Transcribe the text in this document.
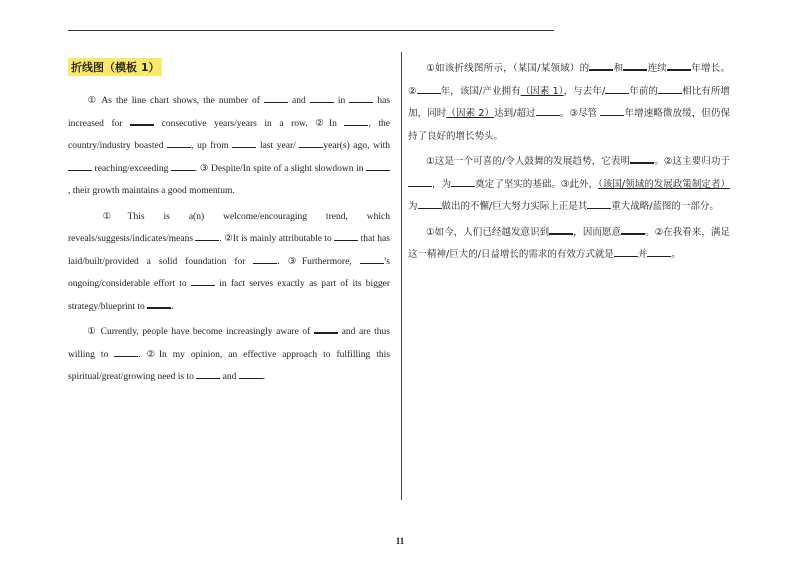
折线图（模板 1）

① As the line chart shows, the number of	and	in	has increased for	consecutive years/years in a row. ②In	, the country/industry boasted	, up from	last year/	year(s) ago, with  reaching/exceeding	. ③ Despite/In spite of a slight slowdown in , their growth maintains a good momentum.

①This is a(n) welcome/encouraging trend, which reveals/suggests/indicates/means	. ②It is mainly attributable to	that has laid/built/provided a solid foundation for	. ③Furthermore,	’s ongoing/considerable effort to	in fact serves exactly as part of its bigger strategy/blueprint to	.

① Currently, people have become increasingly aware of	and are thus willing to	. ②In my opinion, an effective approach to fulfilling this spiritual/great/growing need is to	and	.

①如该折线图所示，（某国/某领域）的	和	连续	年增长。②	年，该国/产业拥有（因素 1），与去年/	年前的	相比有所增加，同时（因素 2）达到/超过	。③尽管	年增速略微放缓，但仍保持了良好的增长势头。

①这是一个可喜的/令人鼓舞的发展趋势，它表明	。②这主要归功于，为	奠定了坚实的基础。③此外，（该国/领域的发展政策制定者）为	做出的不懈/巨大努力实际上正是其	重大战略/蓝图的一部分。

①如今，人们已经越发意识到	，因而愿意	。②在我看来，满足这一精神/巨大的/日益增长的需求的有效方式就是	并	。

11
